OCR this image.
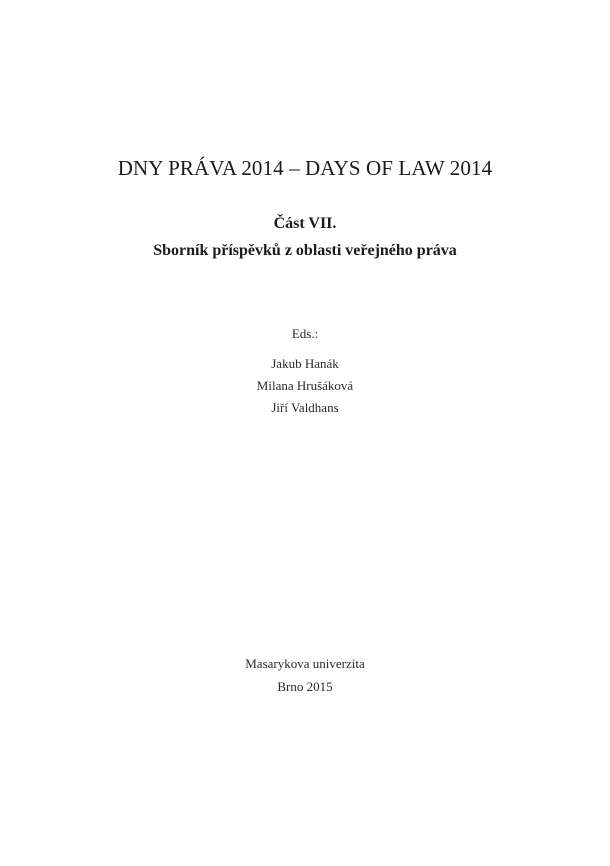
DNY PRÁVA 2014 – DAYS OF LAW 2014
Část VII.
Sborník příspěvků z oblasti veřejného práva
Eds.:
Jakub Hanák
Milana Hrušáková
Jiří Valdhans
Masarykova univerzita
Brno 2015
